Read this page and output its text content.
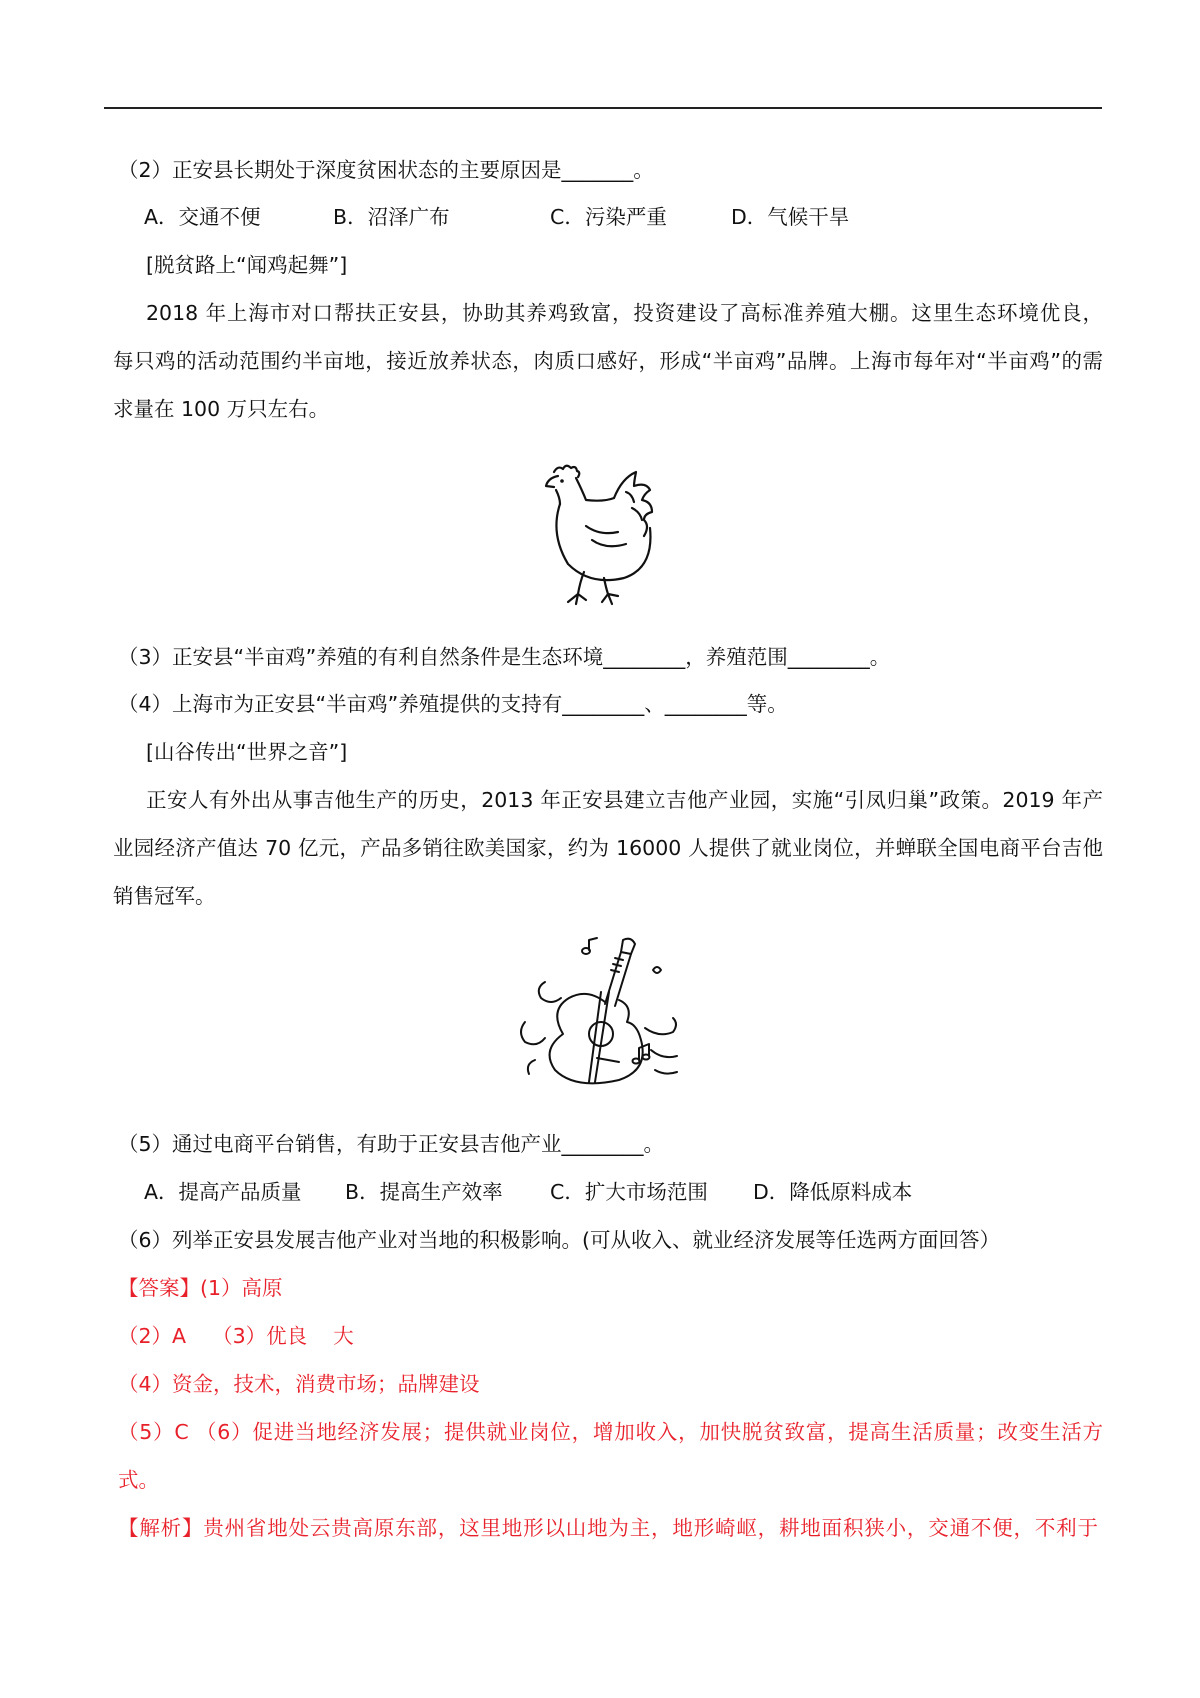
（2）正安县长期处于深度贫困状态的主要原因是_______。
A．交通不便	B．沼泽广布	C．污染严重	D．气候干旱
[脱贫路上“闻鸡起舞”]
2018 年上海市对口帮扶正安县，协助其养鸡致富，投资建设了高标准养殖大棚。这里生态环境优良，
每只鸡的活动范围约半亩地，接近放养状态，肉质口感好，形成“半亩鸡”品牌。上海市每年对“半亩鸡”的需
求量在 100 万只左右。
（3）正安县“半亩鸡”养殖的有利自然条件是生态环境________，养殖范围________。
（4）上海市为正安县“半亩鸡”养殖提供的支持有________、________等。
[山谷传出“世界之音”]
正安人有外出从事吉他生产的历史，2013 年正安县建立吉他产业园，实施“引凤归巢”政策。2019 年产
业园经济产值达 70 亿元，产品多销往欧美国家，约为 16000 人提供了就业岗位，并蝉联全国电商平台吉他
销售冠军。
（5）通过电商平台销售，有助于正安县吉他产业________。
A．提高产品质量 B．提高生产效率 C．扩大市场范围 D．降低原料成本
（6）列举正安县发展吉他产业对当地的积极影响。(可从收入、就业经济发展等任选两方面回答）
【答案】(1）高原
（2）A    （3）优良    大
（4）资金，技术，消费市场；品牌建设
（5）C （6）促进当地经济发展；提供就业岗位，增加收入，加快脱贫致富，提高生活质量；改变生活方
式。
【解析】贵州省地处云贵高原东部，这里地形以山地为主，地形崎岖，耕地面积狭小，交通不便，不利于
